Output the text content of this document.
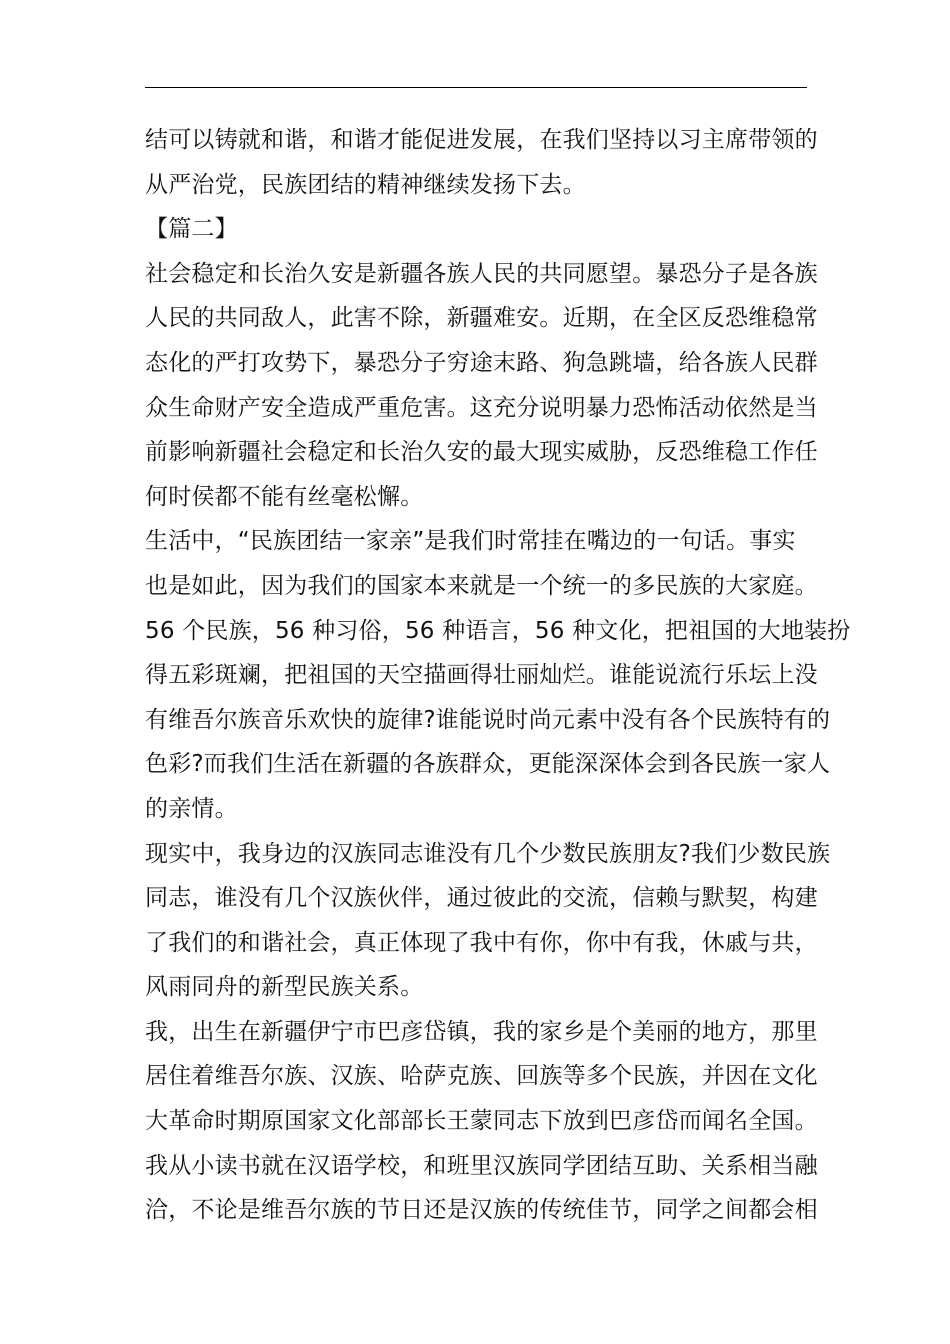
结可以铸就和谐，和谐才能促进发展，在我们坚持以习主席带领的
从严治党，民族团结的精神继续发扬下去。
【篇二】
社会稳定和长治久安是新疆各族人民的共同愿望。暴恐分子是各族
人民的共同敌人，此害不除，新疆难安。近期，在全区反恐维稳常
态化的严打攻势下，暴恐分子穷途末路、狗急跳墙，给各族人民群
众生命财产安全造成严重危害。这充分说明暴力恐怖活动依然是当
前影响新疆社会稳定和长治久安的最大现实威胁，反恐维稳工作任
何时侯都不能有丝毫松懈。
生活中，“民族团结一家亲”是我们时常挂在嘴边的一句话。事实
也是如此，因为我们的国家本来就是一个统一的多民族的大家庭。
56 个民族，56 种习俗，56 种语言，56 种文化，把祖国的大地装扮
得五彩斑斓，把祖国的天空描画得壮丽灿烂。谁能说流行乐坛上没
有维吾尔族音乐欢快的旋律?谁能说时尚元素中没有各个民族特有的
色彩?而我们生活在新疆的各族群众，更能深深体会到各民族一家人
的亲情。
现实中，我身边的汉族同志谁没有几个少数民族朋友?我们少数民族
同志，谁没有几个汉族伙伴，通过彼此的交流，信赖与默契，构建
了我们的和谐社会，真正体现了我中有你，你中有我，休戚与共，
风雨同舟的新型民族关系。
我，出生在新疆伊宁市巴彦岱镇，我的家乡是个美丽的地方，那里
居住着维吾尔族、汉族、哈萨克族、回族等多个民族，并因在文化
大革命时期原国家文化部部长王蒙同志下放到巴彦岱而闻名全国。
我从小读书就在汉语学校，和班里汉族同学团结互助、关系相当融
洽，不论是维吾尔族的节日还是汉族的传统佳节，同学之间都会相
